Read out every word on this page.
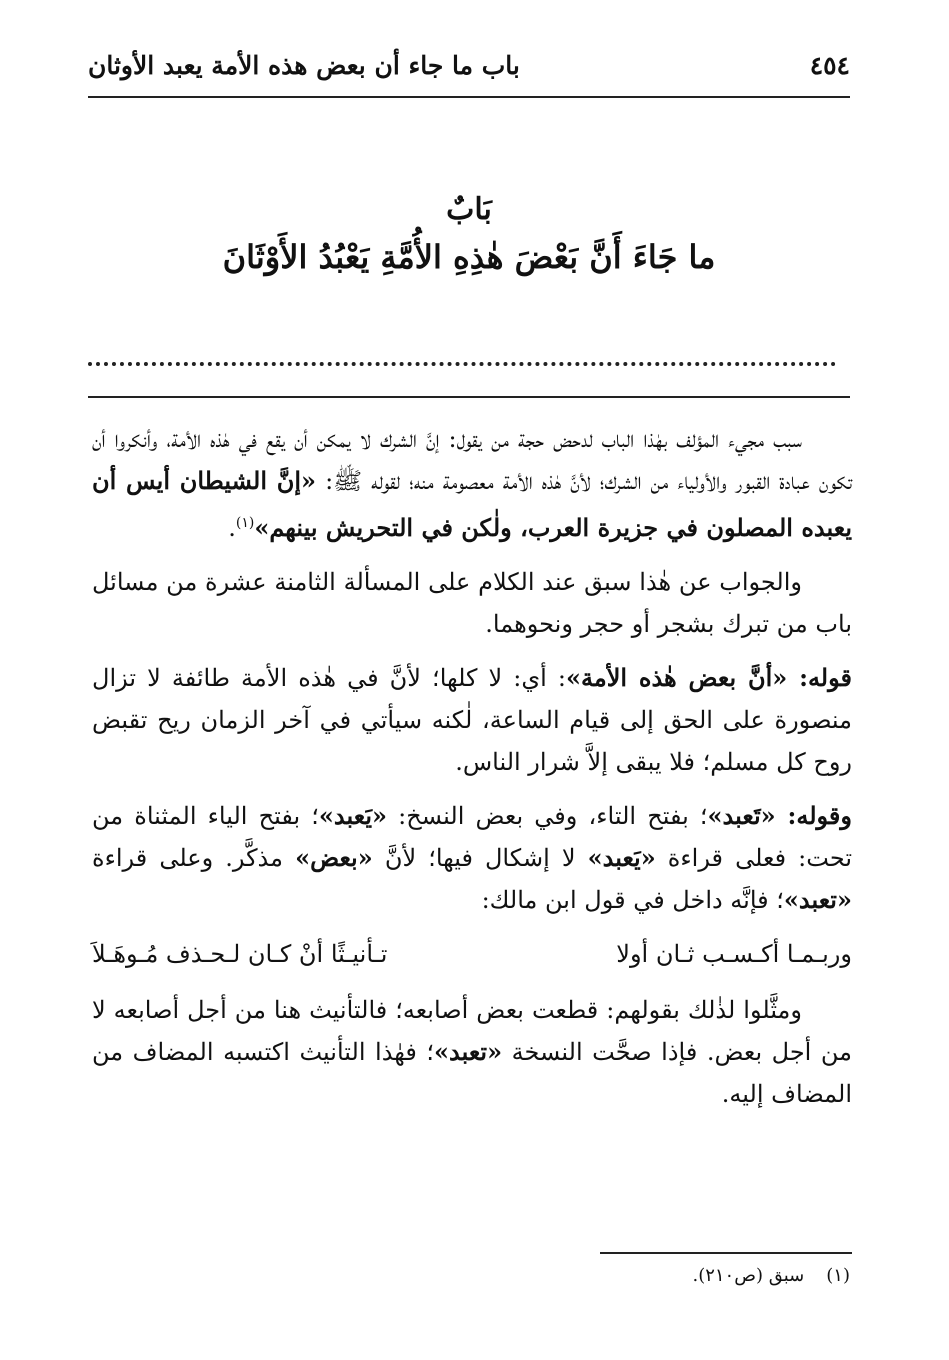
٤٥٤
باب ما جاء أن بعض هذه الأمة يعبد الأوثان
بَابٌ
ما جَاءَ أَنَّ بَعْضَ هٰذِهِ الأُمَّةِ يَعْبُدُ الأَوْثَانَ

سبب مجيء المؤلف بهٰذا الباب لدحض حجة من يقول: إنَّ الشرك لا يمكن أن يقع في هٰذه الأمة، وأنكروا أن تكون عبادة القبور والأولياء من الشرك؛ لأنَّ هٰذه الأمة معصومة منه؛ لقوله ﷺ: «إنَّ الشيطان أيس أن يعبده المصلون في جزيرة العرب، ولٰكن في التحريش بينهم»$^{(١)}$.

والجواب عن هٰذا سبق عند الكلام على المسألة الثامنة عشرة من مسائل باب من تبرك بشجر أو حجر ونحوهما.

قوله: «أنَّ بعض هٰذه الأمة»: أي: لا كلها؛ لأنَّ في هٰذه الأمة طائفة لا تزال منصورة على الحق إلى قيام الساعة، لٰكنه سيأتي في آخر الزمان ريح تقبض روح كل مسلم؛ فلا يبقى إلاَّ شرار الناس.

وقوله: «تَعبد»؛ بفتح التاء، وفي بعض النسخ: «يَعبد»؛ بفتح الياء المثناة من تحت: فعلى قراءة «يَعبد» لا إشكال فيها؛ لأنَّ «بعض» مذكَّر. وعلى قراءة «تعبد»؛ فإنَّه داخل في قول ابن مالك:

وربـمـا أكـسـب ثـان أولا
تـأنيـثًا أنْ كـان لـحـذف مُـوهَـلاَ

ومثَّلوا لذٰلك بقولهم: قطعت بعض أصابعه؛ فالتأنيث هنا من أجل أصابعه لا من أجل بعض. فإذا صحَّت النسخة «تعبد»؛ فهٰذا التأنيث اكتسبه المضاف من المضاف إليه.

(١)سبق (ص٢١٠).
